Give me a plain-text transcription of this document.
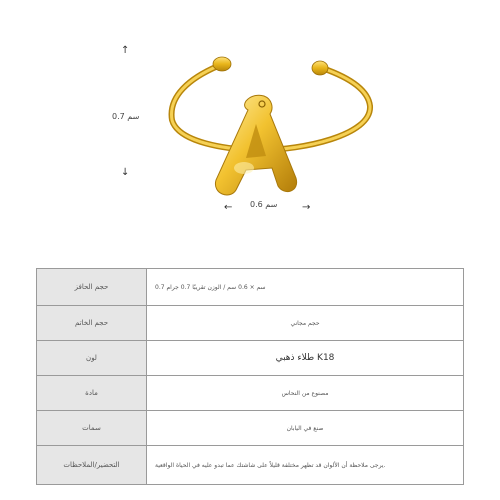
↑
↓
←	→
0.7 سم
0.6 سم
حجم الحافز	0.7 سم × 0.6 سم / الوزن تقريبًا 0.7 جرام
حجم الخاتم	حجم مجاني
لون	طلاء ذهبي K18
مادة	مصنوع من النحاس
سمات	صنع في اليابان
التحضير/الملاحظات	يرجى ملاحظة أن الألوان قد تظهر مختلفة قليلاً على شاشتك عما تبدو عليه في الحياة الواقعية.
